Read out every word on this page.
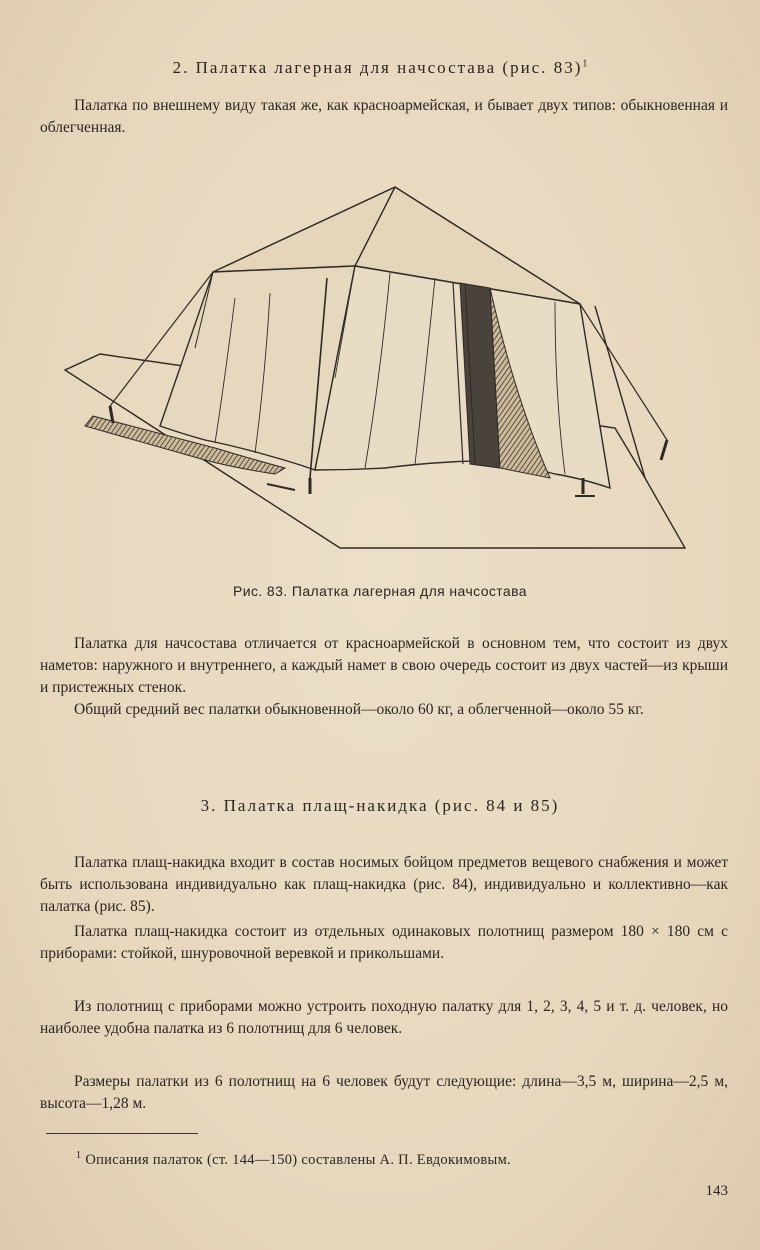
2. Палатка лагерная для начсостава (рис. 83)$^1$

Палатка по внешнему виду такая же, как красноармейская, и бывает двух типов: обыкновенная и облегченная.

Рис. 83. Палатка лагерная для начсостава

Палатка для начсостава отличается от красноармейской в основном тем, что состоит из двух наметов: наружного и внутреннего, а каждый намет в свою очередь состоит из двух частей—из крыши и пристежных стенок.

Общий средний вес палатки обыкновенной—около 60 кг, а облегченной—около 55 кг.

3. Палатка плащ-накидка (рис. 84 и 85)

Палатка плащ-накидка входит в состав носимых бойцом предметов вещевого снабжения и может быть использована индивидуально как плащ-накидка (рис. 84), индивидуально и коллективно—как палатка (рис. 85).

Палатка плащ-накидка состоит из отдельных одинаковых полотнищ размером 180 × 180 см с приборами: стойкой, шнуровочной веревкой и прикольшами.

Из полотнищ с приборами можно устроить походную палатку для 1, 2, 3, 4, 5 и т. д. человек, но наиболее удобна палатка из 6 полотнищ для 6 человек.

Размеры палатки из 6 полотнищ на 6 человек будут следующие: длина—3,5 м, ширина—2,5 м, высота—1,28 м.

$^1$ Описания палаток (ст. 144—150) составлены А. П. Евдокимовым.

143
